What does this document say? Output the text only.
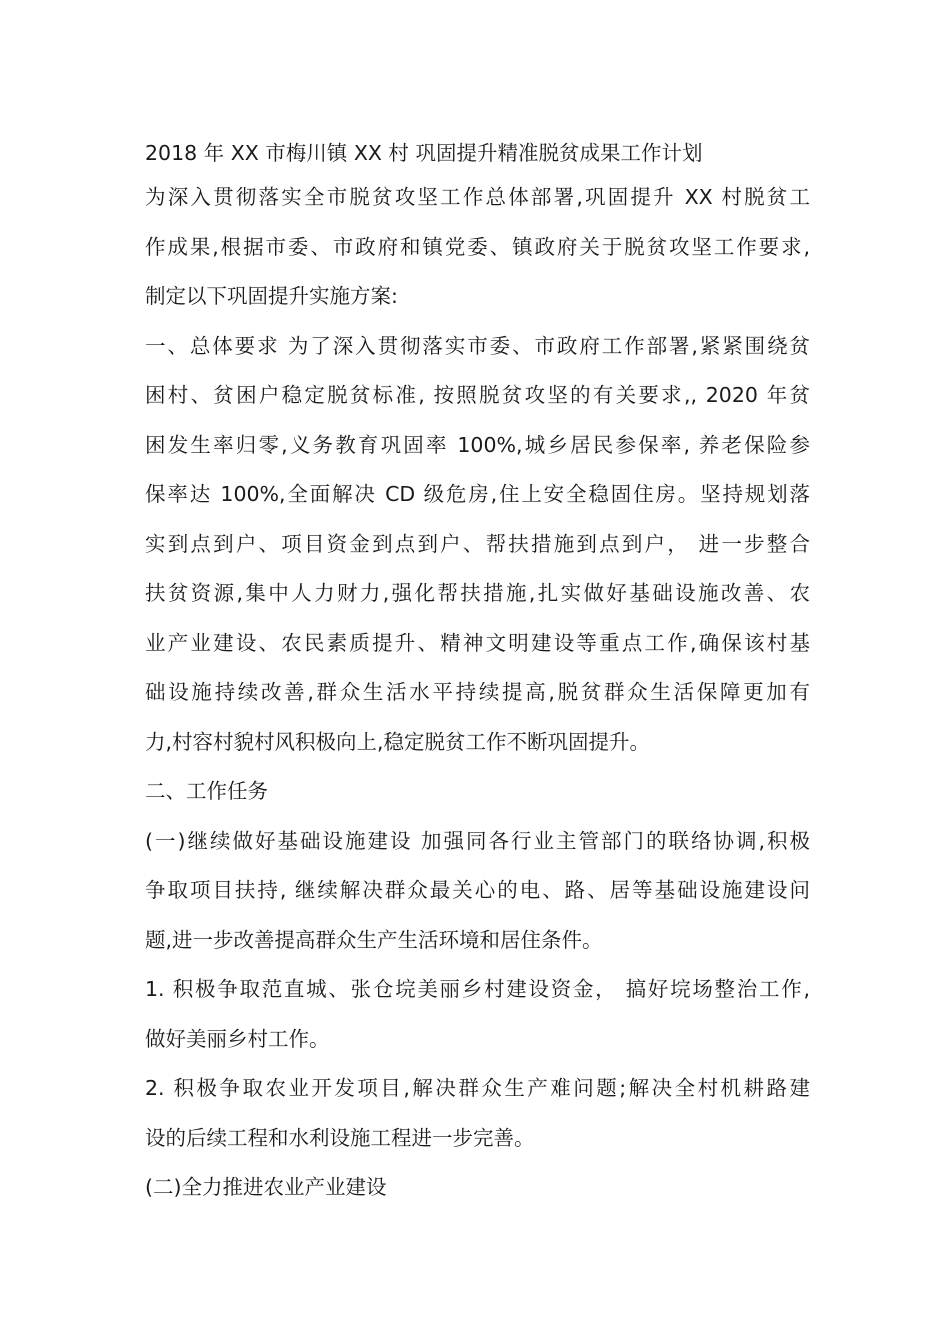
2018 年 XX 市梅川镇 XX 村 巩固提升精准脱贫成果工作计划
为深入贯彻落实全市脱贫攻坚工作总体部署,巩固提升 XX 村脱贫工
作成果,根据市委、市政府和镇党委、镇政府关于脱贫攻坚工作要求,
制定以下巩固提升实施方案:
一、总体要求 为了深入贯彻落实市委、市政府工作部署,紧紧围绕贫
困村、贫困户稳定脱贫标准, 按照脱贫攻坚的有关要求,, 2020 年贫
困发生率归零,义务教育巩固率 100%,城乡居民参保率, 养老保险参
保率达 100%,全面解决 CD 级危房,住上安全稳固住房。坚持规划落
实到点到户、项目资金到点到户、帮扶措施到点到户， 进一步整合
扶贫资源,集中人力财力,强化帮扶措施,扎实做好基础设施改善、农
业产业建设、农民素质提升、精神文明建设等重点工作,确保该村基
础设施持续改善,群众生活水平持续提高,脱贫群众生活保障更加有
力,村容村貌村风积极向上,稳定脱贫工作不断巩固提升。
二、工作任务
(一)继续做好基础设施建设 加强同各行业主管部门的联络协调,积极
争取项目扶持, 继续解决群众最关心的电、路、居等基础设施建设问
题,进一步改善提高群众生产生活环境和居住条件。
1. 积极争取范直城、张仓垸美丽乡村建设资金， 搞好垸场整治工作,
做好美丽乡村工作。
2. 积极争取农业开发项目,解决群众生产难问题;解决全村机耕路建
设的后续工程和水利设施工程进一步完善。
(二)全力推进农业产业建设
